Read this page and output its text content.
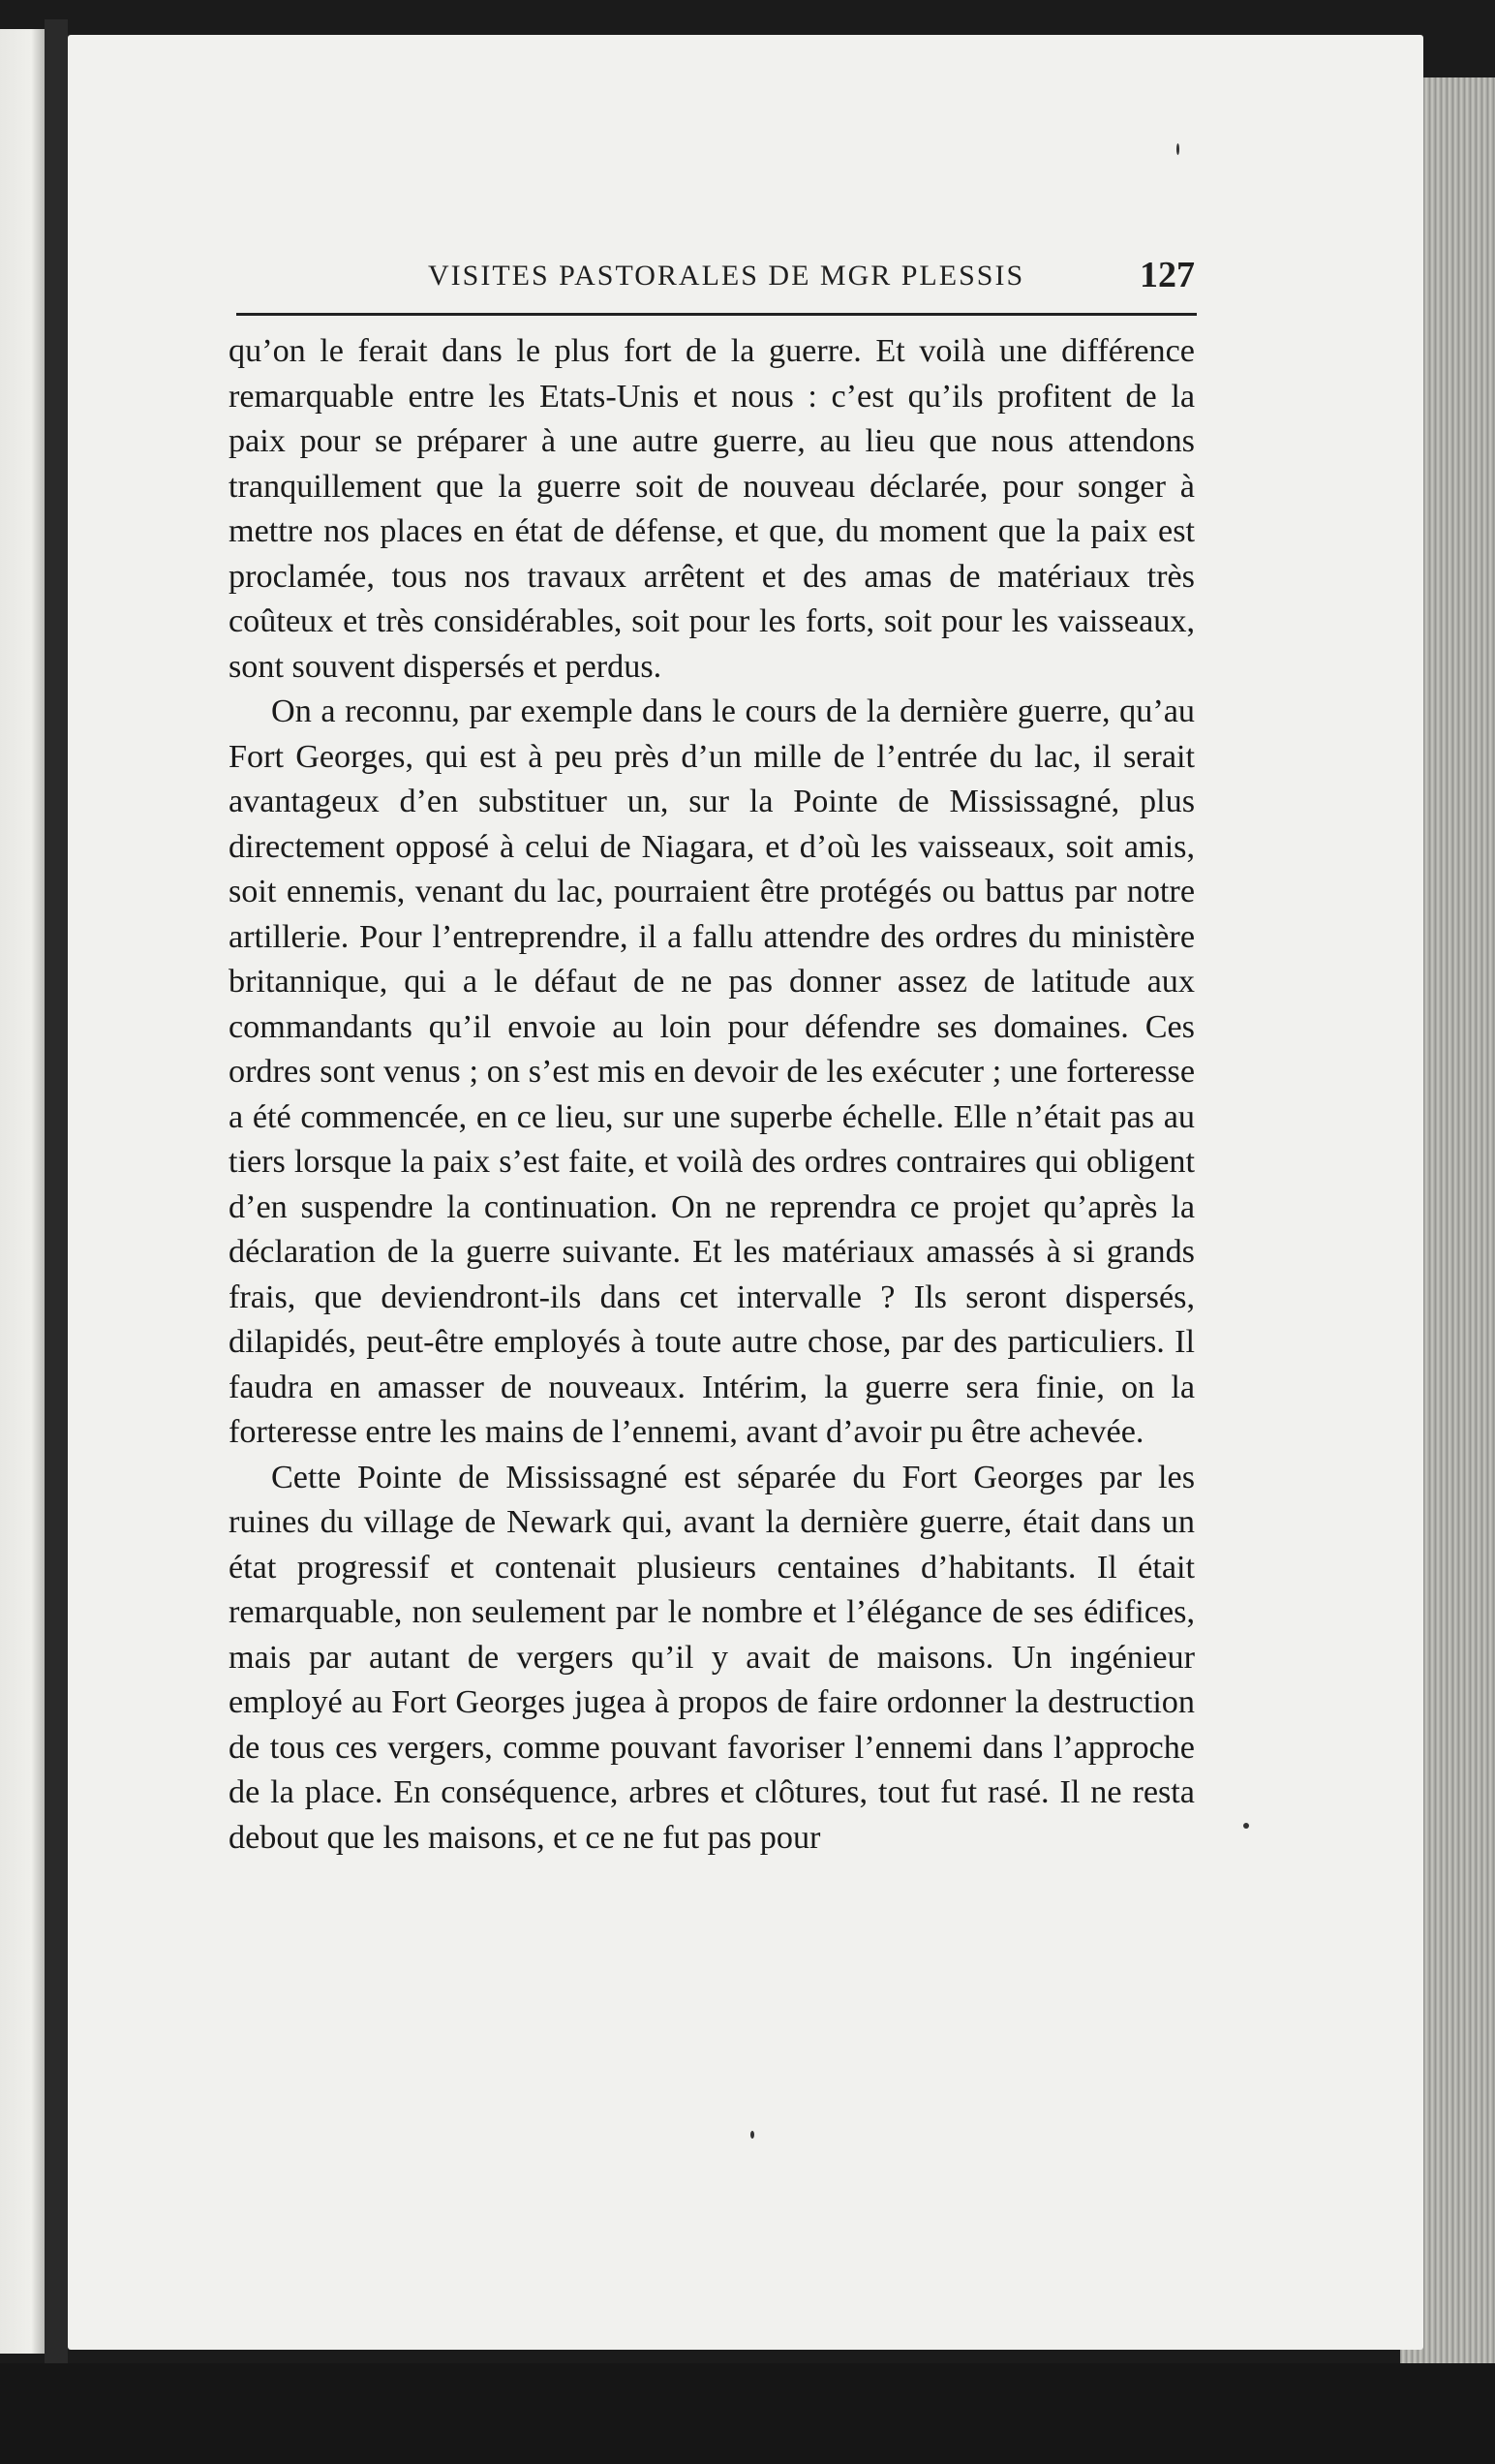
VISITES PASTORALES DE MGR PLESSIS	127

qu’on le ferait dans le plus fort de la guerre. Et voilà une différence remarquable entre les Etats-Unis et nous : c’est qu’ils profitent de la paix pour se préparer à une autre guerre, au lieu que nous attendons tranquillement que la guerre soit de nouveau déclarée, pour songer à mettre nos places en état de défense, et que, du moment que la paix est proclamée, tous nos travaux arrêtent et des amas de matériaux très coûteux et très considérables, soit pour les forts, soit pour les vaisseaux, sont souvent dispersés et perdus.

On a reconnu, par exemple dans le cours de la dernière guerre, qu’au Fort Georges, qui est à peu près d’un mille de l’entrée du lac, il serait avantageux d’en substituer un, sur la Pointe de Mississagné, plus directement opposé à celui de Niagara, et d’où les vaisseaux, soit amis, soit ennemis, venant du lac, pourraient être protégés ou battus par notre artillerie. Pour l’entreprendre, il a fallu attendre des ordres du ministère britannique, qui a le défaut de ne pas donner assez de latitude aux commandants qu’il envoie au loin pour défendre ses domaines. Ces ordres sont venus ; on s’est mis en devoir de les exécuter ; une forteresse a été commencée, en ce lieu, sur une superbe échelle. Elle n’était pas au tiers lorsque la paix s’est faite, et voilà des ordres contraires qui obligent d’en suspendre la continuation. On ne reprendra ce projet qu’après la déclaration de la guerre suivante. Et les matériaux amassés à si grands frais, que deviendront-ils dans cet intervalle ? Ils seront dispersés, dilapidés, peut-être employés à toute autre chose, par des particuliers. Il faudra en amasser de nouveaux. Intérim, la guerre sera finie, on la forteresse entre les mains de l’ennemi, avant d’avoir pu être achevée.

Cette Pointe de Mississagné est séparée du Fort Georges par les ruines du village de Newark qui, avant la dernière guerre, était dans un état progressif et contenait plusieurs centaines d’habitants. Il était remarquable, non seulement par le nombre et l’élégance de ses édifices, mais par autant de vergers qu’il y avait de maisons. Un ingénieur employé au Fort Georges jugea à propos de faire ordonner la destruction de tous ces vergers, comme pouvant favoriser l’ennemi dans l’approche de la place. En conséquence, arbres et clôtures, tout fut rasé. Il ne resta debout que les maisons, et ce ne fut pas pour
